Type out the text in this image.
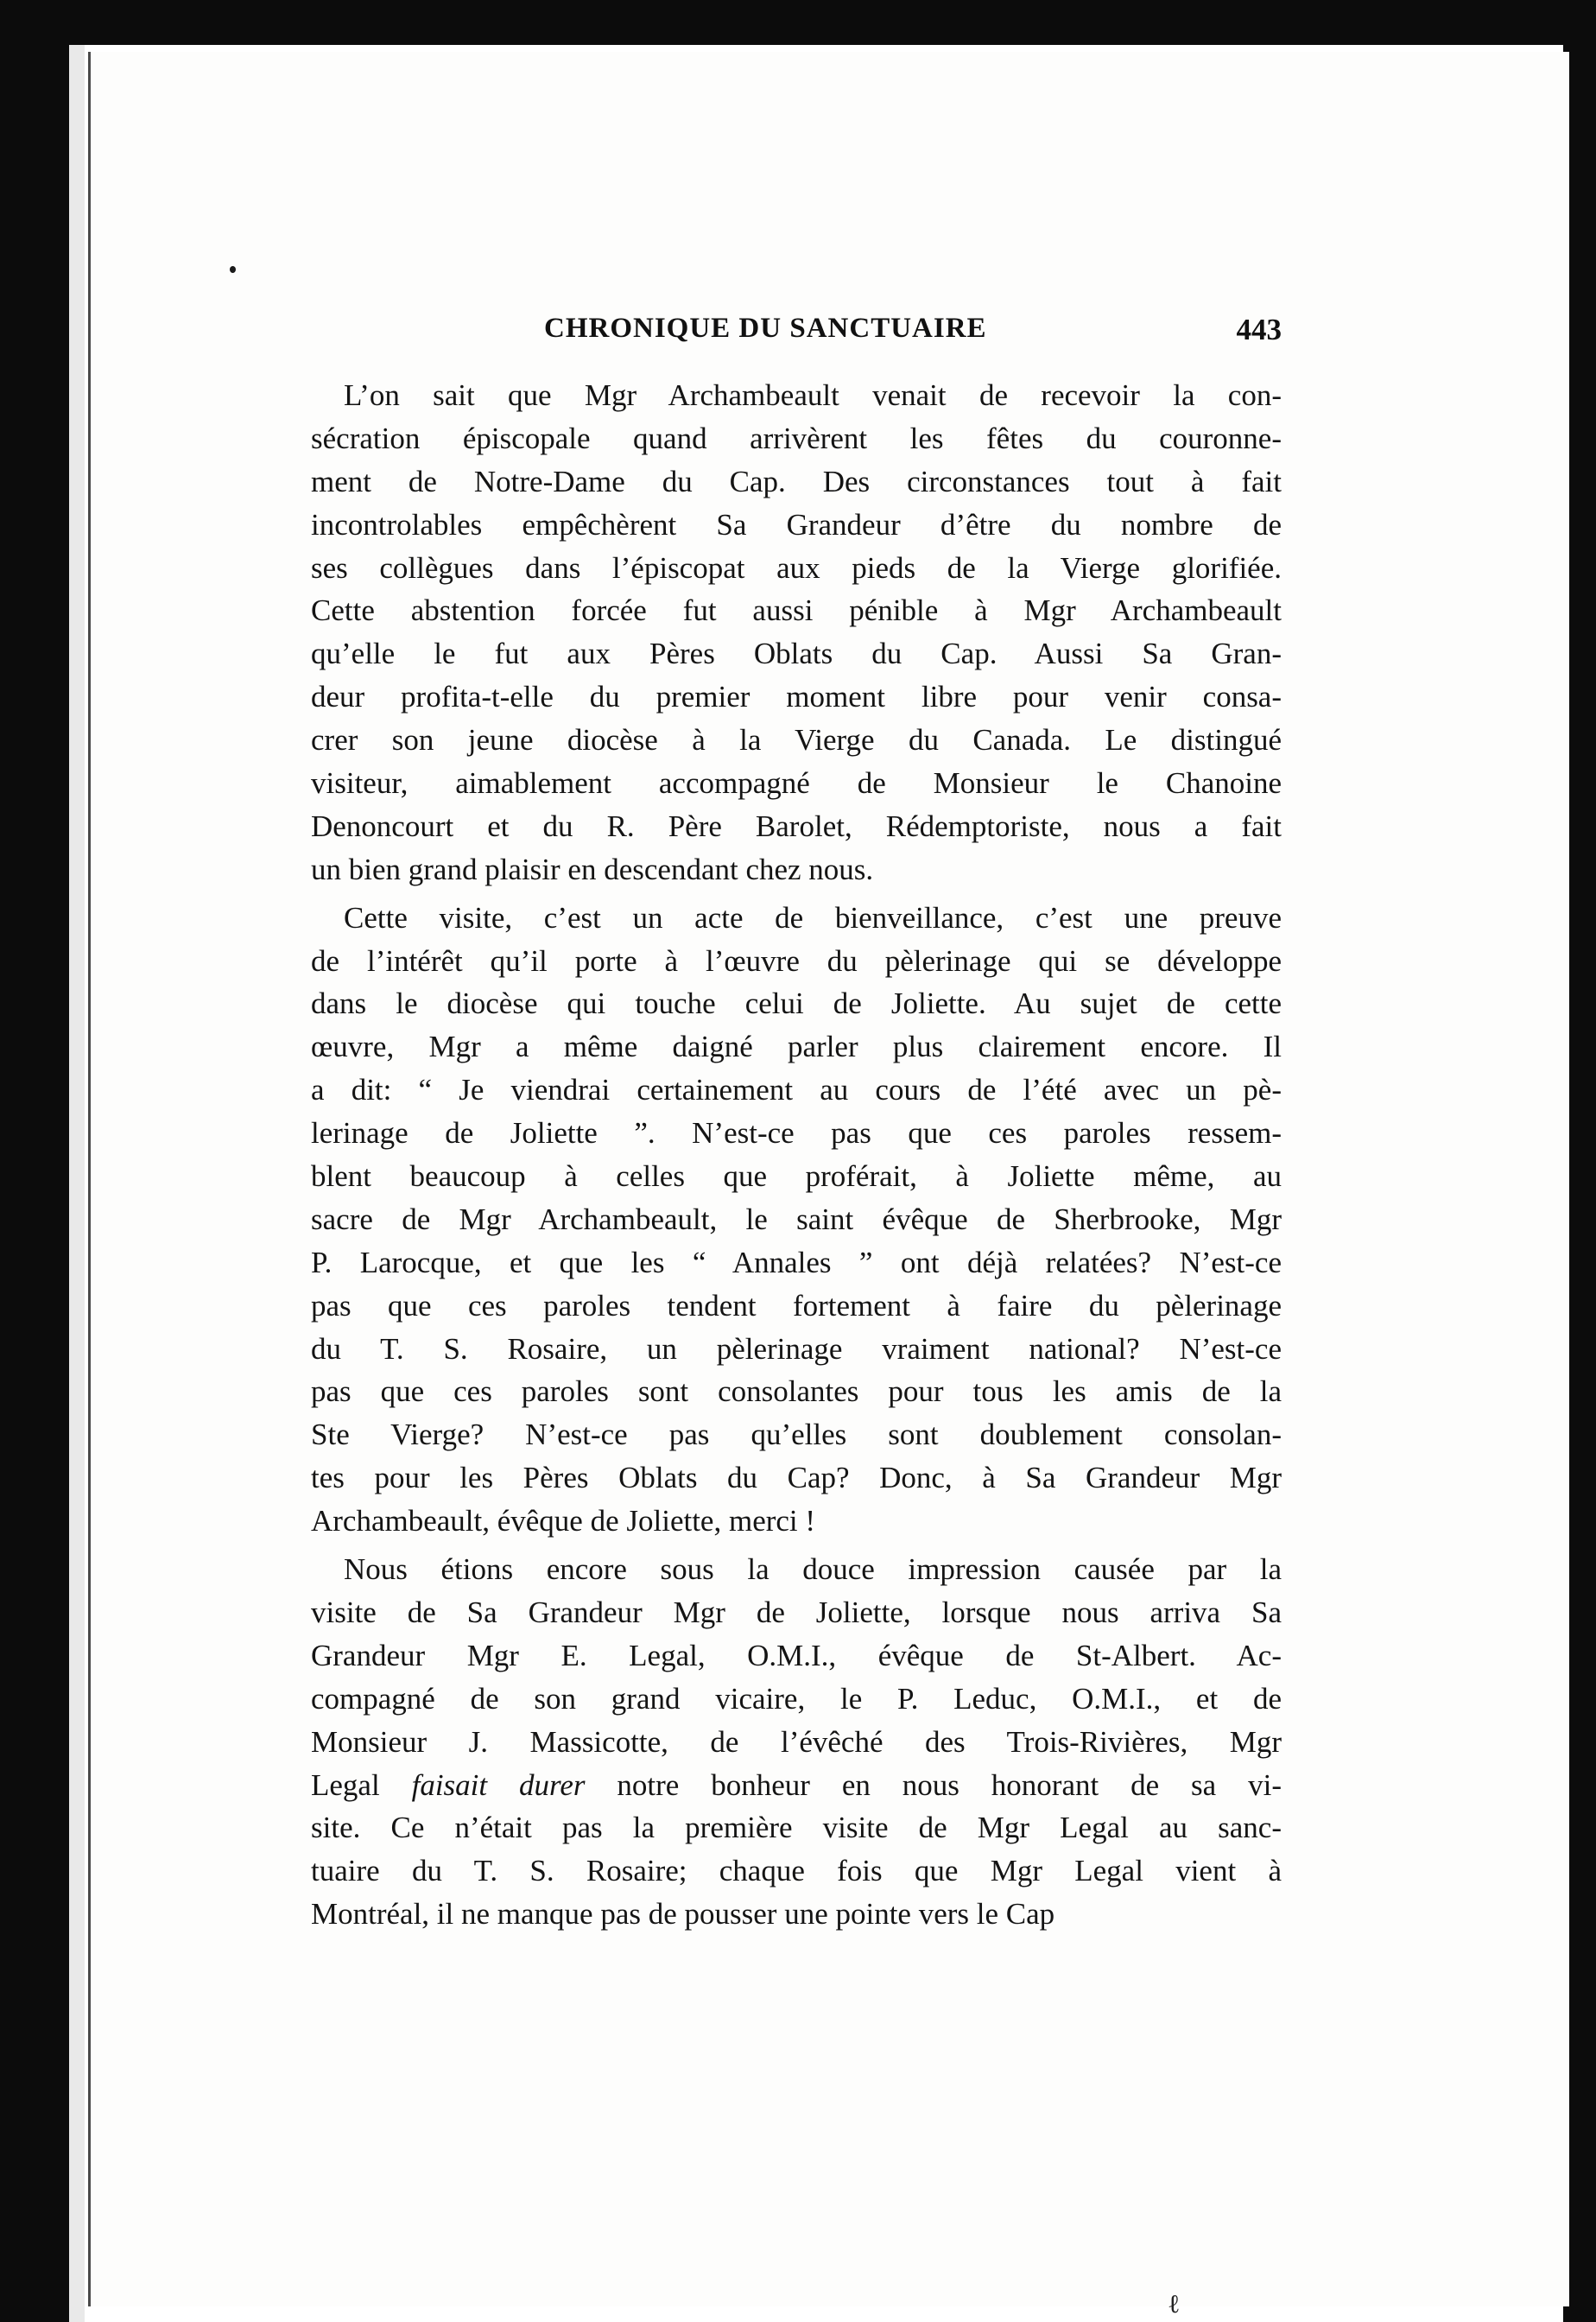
CHRONIQUE DU SANCTUAIRE	443
L’on sait que Mgr Archambeault venait de recevoir la con-
sécration épiscopale quand arrivèrent les fêtes du couronne-
ment de Notre-Dame du Cap. Des circonstances tout à fait
incontrolables empêchèrent Sa Grandeur d’être du nombre de
ses collègues dans l’épiscopat aux pieds de la Vierge glorifiée.
Cette abstention forcée fut aussi pénible à Mgr Archambeault
qu’elle le fut aux Pères Oblats du Cap. Aussi Sa Gran-
deur profita-t-elle du premier moment libre pour venir consa-
crer son jeune diocèse à la Vierge du Canada. Le distingué
visiteur, aimablement accompagné de Monsieur le Chanoine
Denoncourt et du R. Père Barolet, Rédemptoriste, nous a fait
un bien grand plaisir en descendant chez nous.
Cette visite, c’est un acte de bienveillance, c’est une preuve
de l’intérêt qu’il porte à l’œuvre du pèlerinage qui se développe
dans le diocèse qui touche celui de Joliette. Au sujet de cette
œuvre, Mgr a même daigné parler plus clairement encore. Il
a dit: “ Je viendrai certainement au cours de l’été avec un pè-
lerinage de Joliette ”. N’est-ce pas que ces paroles ressem-
blent beaucoup à celles que proférait, à Joliette même, au
sacre de Mgr Archambeault, le saint évêque de Sherbrooke, Mgr
P. Larocque, et que les “ Annales ” ont déjà relatées? N’est-ce
pas que ces paroles tendent fortement à faire du pèlerinage
du T. S. Rosaire, un pèlerinage vraiment national? N’est-ce
pas que ces paroles sont consolantes pour tous les amis de la
Ste Vierge? N’est-ce pas qu’elles sont doublement consolan-
tes pour les Pères Oblats du Cap? Donc, à Sa Grandeur Mgr
Archambeault, évêque de Joliette, merci !
Nous étions encore sous la douce impression causée par la
visite de Sa Grandeur Mgr de Joliette, lorsque nous arriva Sa
Grandeur Mgr E. Legal, O.M.I., évêque de St-Albert. Ac-
compagné de son grand vicaire, le P. Leduc, O.M.I., et de
Monsieur J. Massicotte, de l’évêché des Trois-Rivières, Mgr
Legal faisait durer notre bonheur en nous honorant de sa vi-
site. Ce n’était pas la première visite de Mgr Legal au sanc-
tuaire du T. S. Rosaire; chaque fois que Mgr Legal vient à
Montréal, il ne manque pas de pousser une pointe vers le Cap
ℓ
